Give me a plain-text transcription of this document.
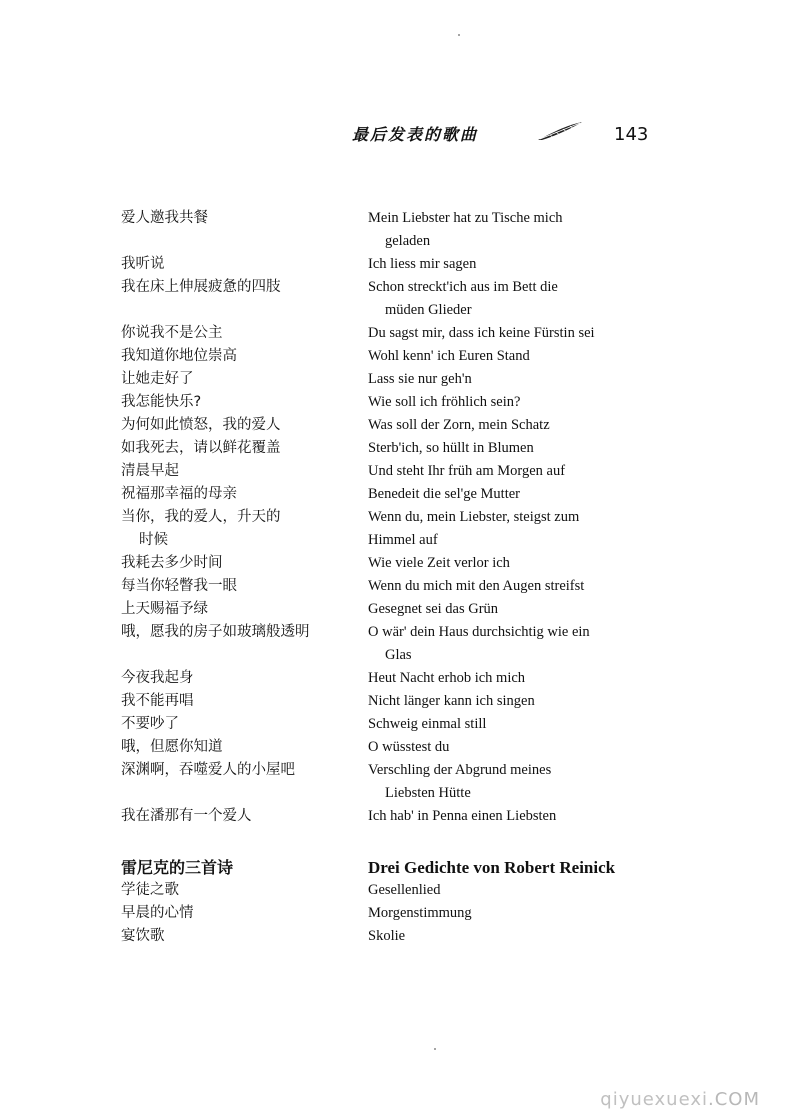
最后发表的歌曲	143
爱人邀我共餐	Mein Liebster hat zu Tische mich
geladen
我听说	Ich liess mir sagen
我在床上伸展疲惫的四肢	Schon streckt'ich aus im Bett die
müden Glieder
你说我不是公主	Du sagst mir, dass ich keine Fürstin sei
我知道你地位崇高	Wohl kenn' ich Euren Stand
让她走好了	Lass sie nur geh'n
我怎能快乐?	Wie soll ich fröhlich sein?
为何如此愤怒，我的爱人	Was soll der Zorn, mein Schatz
如我死去，请以鲜花覆盖	Sterb'ich, so hüllt in Blumen
清晨早起	Und steht Ihr früh am Morgen auf
祝福那幸福的母亲	Benedeit die sel'ge Mutter
当你，我的爱人，升天的	Wenn du, mein Liebster, steigst zum
时候	Himmel auf
我耗去多少时间	Wie viele Zeit verlor ich
每当你轻瞥我一眼	Wenn du mich mit den Augen streifst
上天赐福予绿	Gesegnet sei das Grün
哦，愿我的房子如玻璃般透明	O wär' dein Haus durchsichtig wie ein
Glas
今夜我起身	Heut Nacht erhob ich mich
我不能再唱	Nicht länger kann ich singen
不要吵了	Schweig einmal still
哦，但愿你知道	O wüsstest du
深渊啊，吞噬爱人的小屋吧	Verschling der Abgrund meines
Liebsten Hütte
我在潘那有一个爱人	Ich hab' in Penna einen Liebsten
雷尼克的三首诗	Drei Gedichte von Robert Reinick
学徒之歌	Gesellenlied
早晨的心情	Morgenstimmung
宴饮歌	Skolie
qiyuexuexi.COM
